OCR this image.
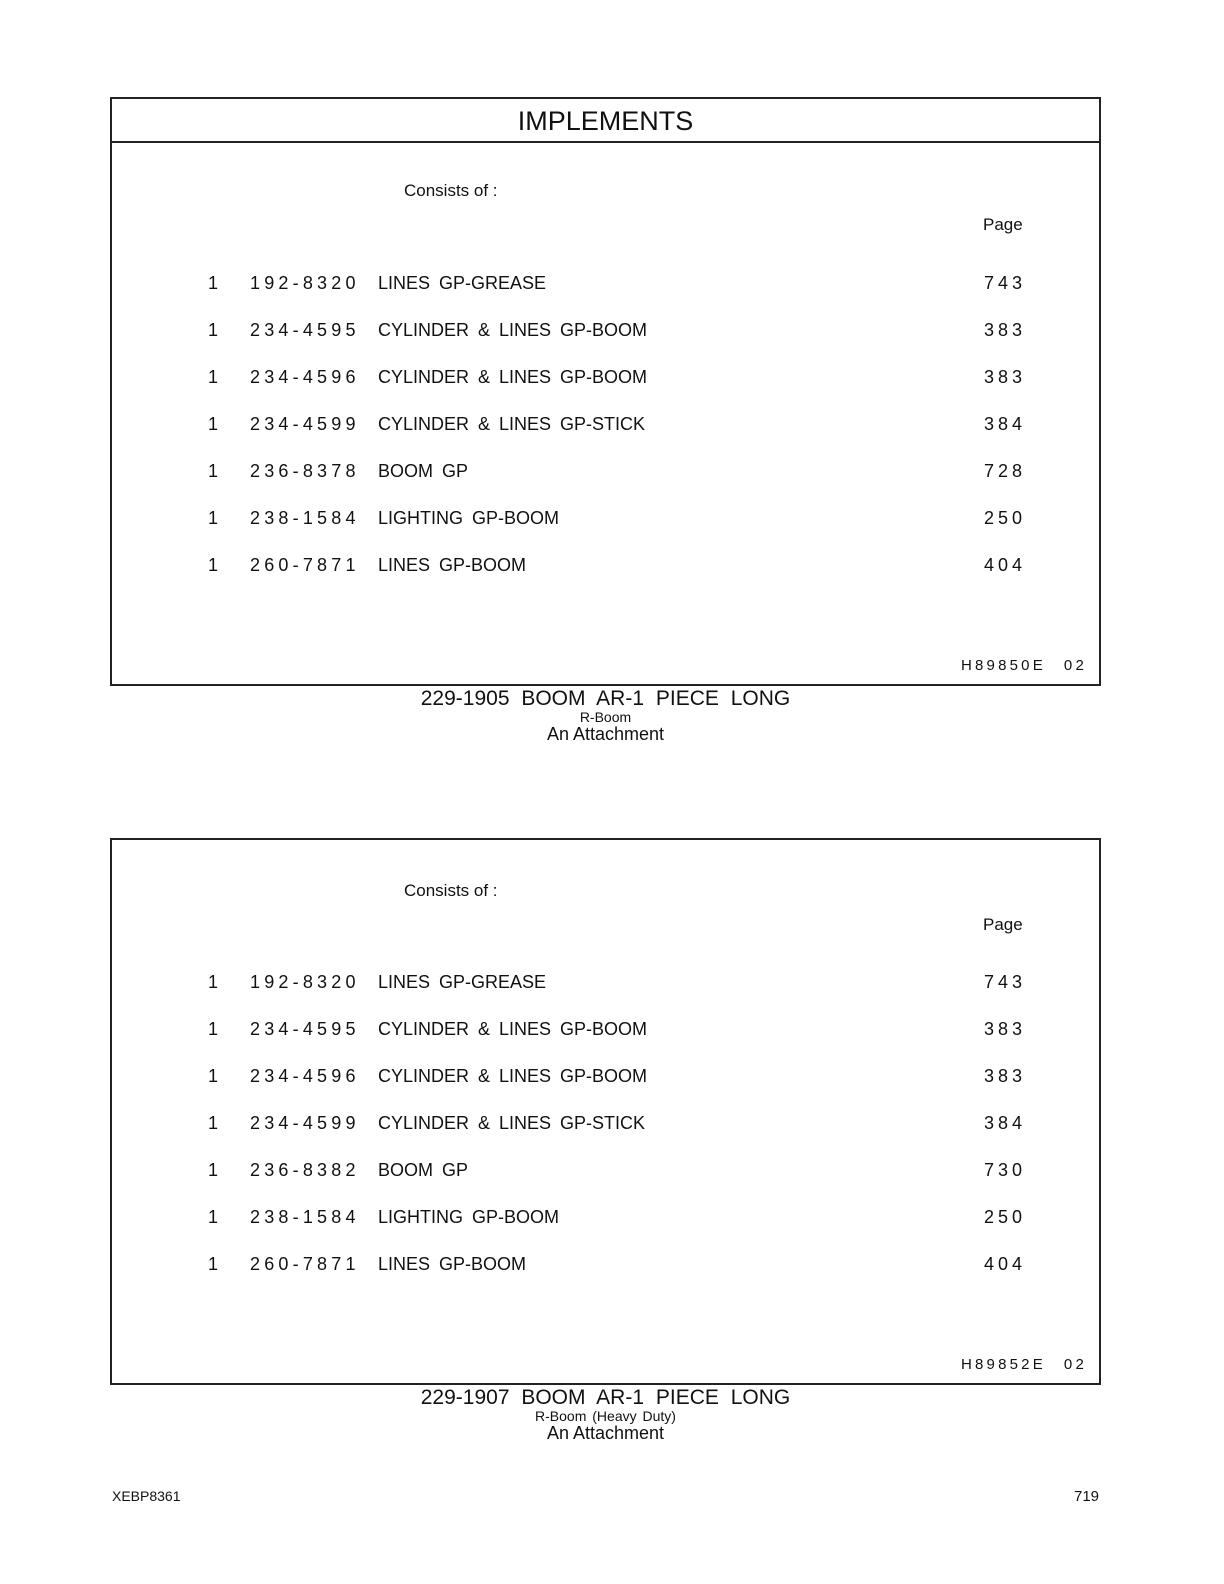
IMPLEMENTS
Consists of :
Page
1 192-8320 LINES GP-GREASE	743
1 234-4595 CYLINDER & LINES GP-BOOM	383
1 234-4596 CYLINDER & LINES GP-BOOM	383
1 234-4599 CYLINDER & LINES GP-STICK	384
1 236-8378 BOOM GP	728
1 238-1584 LIGHTING GP-BOOM	250
1 260-7871 LINES GP-BOOM	404
H89850E 02
229-1905 BOOM AR-1 PIECE LONG
R-Boom
An Attachment
Consists of :
Page
1 192-8320 LINES GP-GREASE	743
1 234-4595 CYLINDER & LINES GP-BOOM	383
1 234-4596 CYLINDER & LINES GP-BOOM	383
1 234-4599 CYLINDER & LINES GP-STICK	384
1 236-8382 BOOM GP	730
1 238-1584 LIGHTING GP-BOOM	250
1 260-7871 LINES GP-BOOM	404
H89852E 02
229-1907 BOOM AR-1 PIECE LONG
R-Boom (Heavy Duty)
An Attachment
XEBP8361	719
